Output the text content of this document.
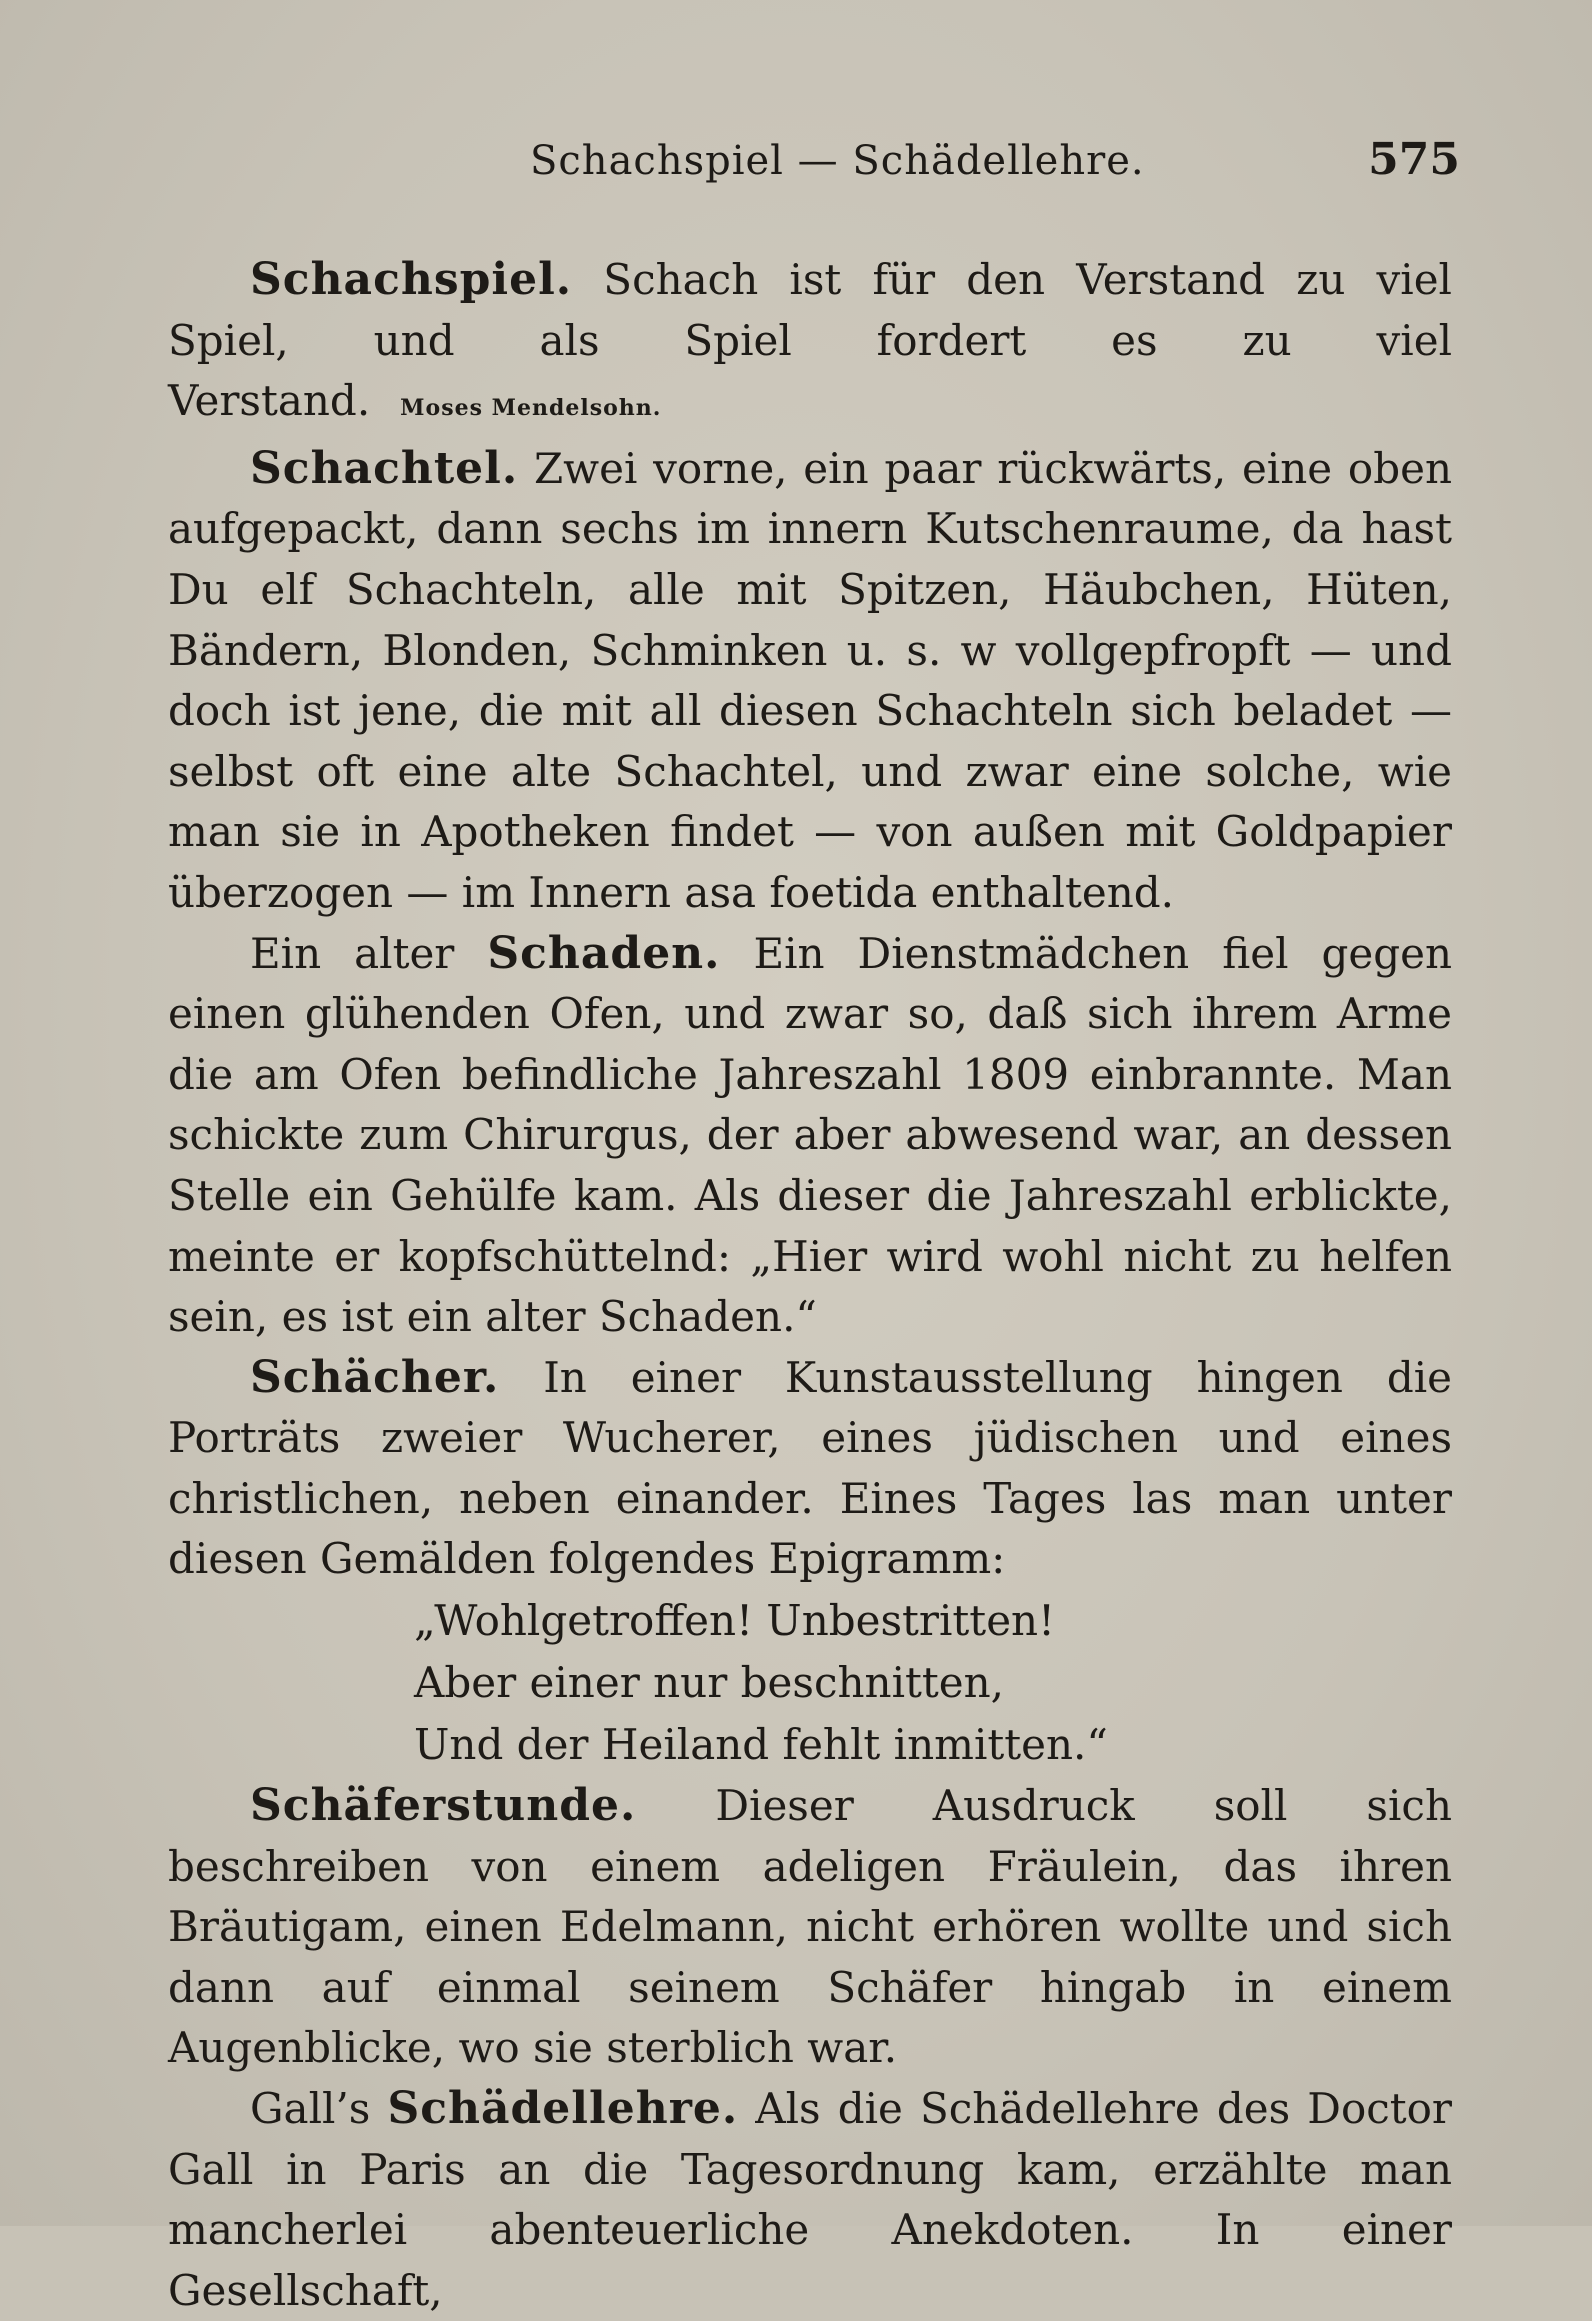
Schachspiel — Schädellehre.	575

Schachspiel. Schach ist für den Verstand zu viel Spiel, und als Spiel fordert es zu viel Verstand. Moses Mendelsohn.

Schachtel. Zwei vorne, ein paar rückwärts, eine oben aufgepackt, dann sechs im innern Kutschenraume, da hast Du elf Schachteln, alle mit Spitzen, Häubchen, Hüten, Bändern, Blonden, Schminken u. s. w vollgepfropft — und doch ist jene, die mit all diesen Schachteln sich beladet — selbst oft eine alte Schachtel, und zwar eine solche, wie man sie in Apotheken findet — von außen mit Goldpapier überzogen — im Innern asa foetida enthaltend.

Ein alter Schaden. Ein Dienstmädchen fiel gegen einen glühenden Ofen, und zwar so, daß sich ihrem Arme die am Ofen befindliche Jahreszahl 1809 einbrannte. Man schickte zum Chirurgus, der aber abwesend war, an dessen Stelle ein Gehülfe kam. Als dieser die Jahreszahl erblickte, meinte er kopfschüttelnd: „Hier wird wohl nicht zu helfen sein, es ist ein alter Schaden.“

Schächer. In einer Kunstausstellung hingen die Porträts zweier Wucherer, eines jüdischen und eines christlichen, neben einander. Eines Tages las man unter diesen Gemälden folgendes Epigramm:

„Wohlgetroffen! Unbestritten!
Aber einer nur beschnitten,
Und der Heiland fehlt inmitten.“

Schäferstunde. Dieser Ausdruck soll sich beschreiben von einem adeligen Fräulein, das ihren Bräutigam, einen Edelmann, nicht erhören wollte und sich dann auf einmal seinem Schäfer hingab in einem Augenblicke, wo sie sterblich war.

Gall’s Schädellehre. Als die Schädellehre des Doctor Gall in Paris an die Tagesordnung kam, erzählte man mancherlei abenteuerliche Anekdoten. In einer Gesellschaft,
